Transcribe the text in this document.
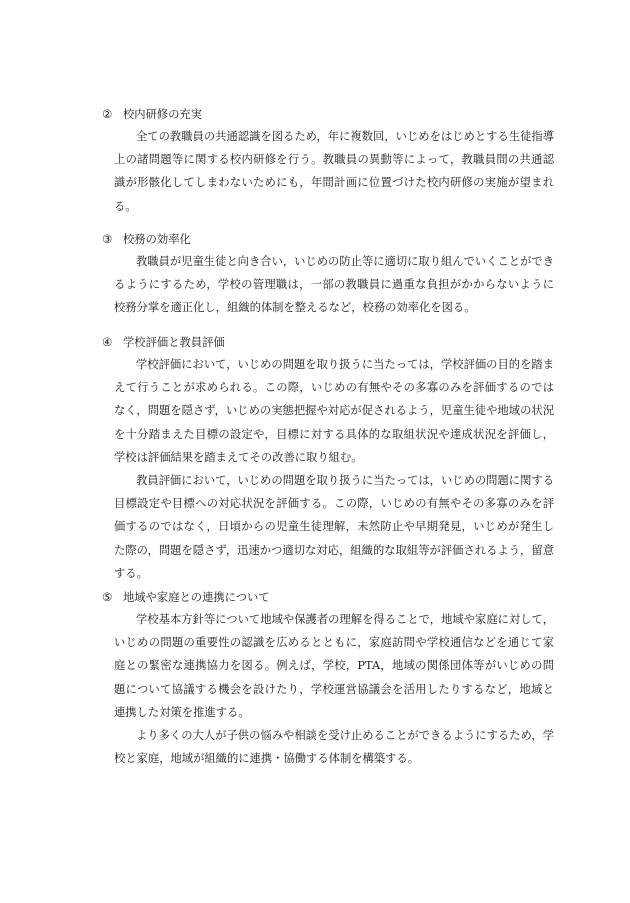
② 校内研修の充実

全ての教職員の共通認識を図るため，年に複数回，いじめをはじめとする生徒指導上の諸問題等に関する校内研修を行う。教職員の異動等によって，教職員間の共通認識が形骸化してしまわないためにも，年間計画に位置づけた校内研修の実施が望まれる。

③ 校務の効率化

教職員が児童生徒と向き合い，いじめの防止等に適切に取り組んでいくことができるようにするため，学校の管理職は，一部の教職員に過重な負担がかからないように校務分掌を適正化し，組織的体制を整えるなど，校務の効率化を図る。

④ 学校評価と教員評価

学校評価において，いじめの問題を取り扱うに当たっては，学校評価の目的を踏まえて行うことが求められる。この際，いじめの有無やその多寡のみを評価するのではなく，問題を隠さず，いじめの実態把握や対応が促されるよう，児童生徒や地域の状況を十分踏まえた目標の設定や，目標に対する具体的な取組状況や達成状況を評価し，学校は評価結果を踏まえてその改善に取り組む。

教員評価において，いじめの問題を取り扱うに当たっては，いじめの問題に関する目標設定や目標への対応状況を評価する。この際，いじめの有無やその多寡のみを評価するのではなく，日頃からの児童生徒理解，未然防止や早期発見，いじめが発生した際の，問題を隠さず，迅速かつ適切な対応，組織的な取組等が評価されるよう，留意する。

⑤ 地域や家庭との連携について

学校基本方針等について地域や保護者の理解を得ることで，地域や家庭に対して，いじめの問題の重要性の認識を広めるとともに，家庭訪問や学校通信などを通じて家庭との緊密な連携協力を図る。例えば，学校，PTA，地域の関係団体等がいじめの問題について協議する機会を設けたり，学校運営協議会を活用したりするなど，地域と連携した対策を推進する。

より多くの大人が子供の悩みや相談を受け止めることができるようにするため，学校と家庭，地域が組織的に連携・協働する体制を構築する。
